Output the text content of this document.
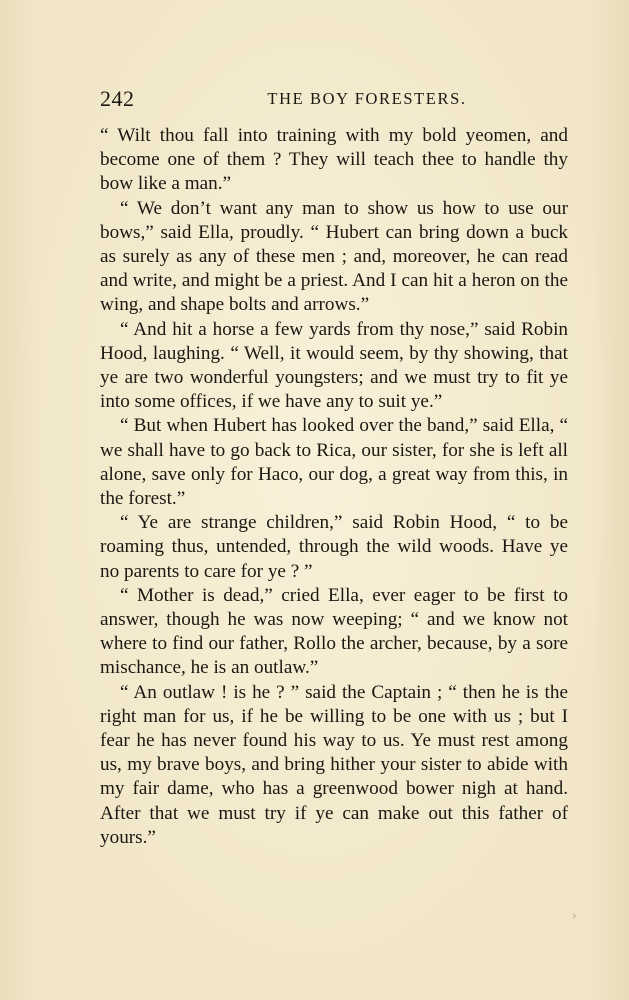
242	THE BOY FORESTERS.

“ Wilt thou fall into training with my bold yeomen, and become one of them ? They will teach thee to handle thy bow like a man.”

“ We don’t want any man to show us how to use our bows,” said Ella, proudly. “ Hubert can bring down a buck as surely as any of these men ; and, moreover, he can read and write, and might be a priest. And I can hit a heron on the wing, and shape bolts and arrows.”

“ And hit a horse a few yards from thy nose,” said Robin Hood, laughing. “ Well, it would seem, by thy showing, that ye are two wonderful youngsters; and we must try to fit ye into some offices, if we have any to suit ye.”

“ But when Hubert has looked over the band,” said Ella, “ we shall have to go back to Rica, our sister, for she is left all alone, save only for Haco, our dog, a great way from this, in the forest.”

“ Ye are strange children,” said Robin Hood, “ to be roaming thus, untended, through the wild woods. Have ye no parents to care for ye ? ”

“ Mother is dead,” cried Ella, ever eager to be first to answer, though he was now weeping; “ and we know not where to find our father, Rollo the archer, because, by a sore mischance, he is an outlaw.”

“ An outlaw ! is he ? ” said the Captain ; “ then he is the right man for us, if he be willing to be one with us ; but I fear he has never found his way to us. Ye must rest among us, my brave boys, and bring hither your sister to abide with my fair dame, who has a greenwood bower nigh at hand. After that we must try if ye can make out this father of yours.”

›
